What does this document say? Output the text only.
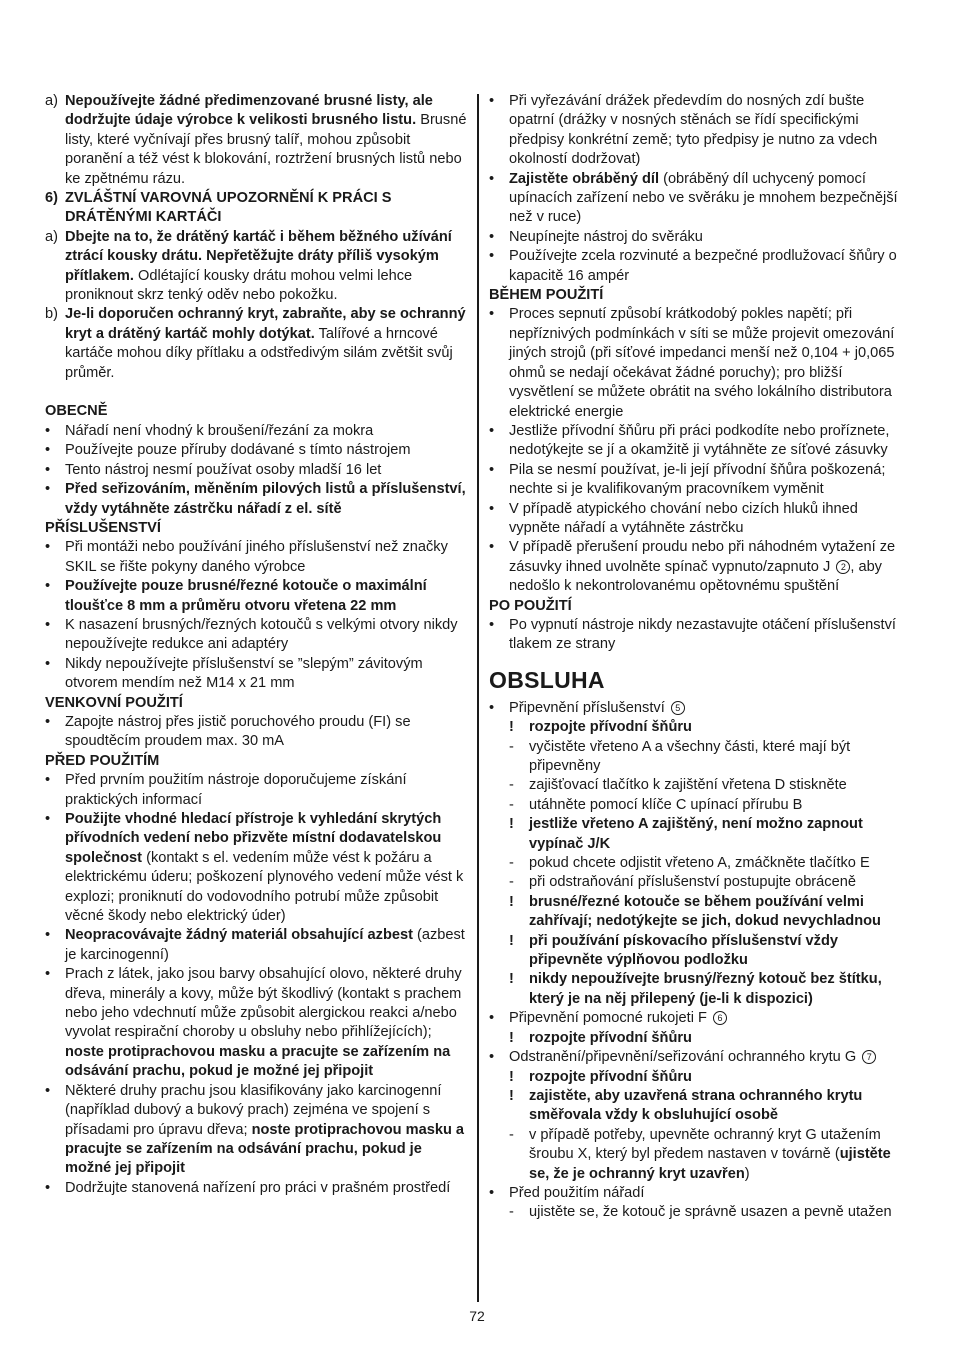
a) Nepoužívejte žádné předimenzované brusné listy, ale dodržujte údaje výrobce k velikosti brusného listu. Brusné listy, které vyčnívají přes brusný talíř, mohou způsobit poranění a též vést k blokování, roztržení brusných listů nebo ke zpětnému rázu.
6) ZVLÁŠTNÍ VAROVNÁ UPOZORNĚNÍ K PRÁCI S DRÁTĚNÝMI KARTÁČI
a) Dbejte na to, že drátěný kartáč i během běžného užívání ztrácí kousky drátu. Nepřetěžujte dráty příliš vysokým přítlakem. Odlétající kousky drátu mohou velmi lehce proniknout skrz tenký oděv nebo pokožku.
b) Je-li doporučen ochranný kryt, zabraňte, aby se ochranný kryt a drátěný kartáč mohly dotýkat. Talířové a hrncové kartáče mohou díky přítlaku a odstředivým silám zvětšit svůj průměr.
OBECNĚ
• Nářadí není vhodný k broušení/řezání za mokra
• Používejte pouze příruby dodávané s tímto nástrojem
• Tento nástroj nesmí používat osoby mladší 16 let
• Před seřizováním, měněním pilových listů a příslušenství, vždy vytáhněte zástrčku nářadí z el. sítě
PŘÍSLUŠENSTVÍ
• Při montáži nebo používání jiného příslušenství než značky SKIL se řište pokyny daného výrobce
• Používejte pouze brusné/řezné kotouče o maximální tloušťce 8 mm a průměru otvoru vřetena 22 mm
• K nasazení brusných/řezných kotoučů s velkými otvory nikdy nepoužívejte redukce ani adaptéry
• Nikdy nepoužívejte příslušenství se ”slepým” závitovým otvorem mendím než M14 x 21 mm
VENKOVNÍ POUŽITÍ
• Zapojte nástroj přes jistič poruchového proudu (FI) se spoudtěcím proudem max. 30 mA
PŘED POUŽITÍM
• Před prvním použitím nástroje doporučujeme získání praktických informací
• Použijte vhodné hledací přístroje k vyhledání skrytých přívodních vedení nebo přizvěte místní dodavatelskou společnost (kontakt s el. vedením může vést k požáru a elektrickému úderu; poškození plynového vedení může vést k explozi; proniknutí do vodovodního potrubí může způsobit věcné škody nebo elektrický úder)
• Neopracovávajte žádný materiál obsahující azbest (azbest je karcinogenní)
• Prach z látek, jako jsou barvy obsahující olovo, některé druhy dřeva, minerály a kovy, může být škodlivý (kontakt s prachem nebo jeho vdechnutí může způsobit alergickou reakci a/nebo vyvolat respirační choroby u obsluhy nebo přihlížejících); noste protiprachovou masku a pracujte se zařízením na odsávání prachu, pokud je možné jej připojit
• Některé druhy prachu jsou klasifikovány jako karcinogenní (například dubový a bukový prach) zejména ve spojení s přísadami pro úpravu dřeva; noste protiprachovou masku a pracujte se zařízením na odsávání prachu, pokud je možné jej připojit
• Dodržujte stanovená nařízení pro práci v prašném prostředí
• Při vyřezávání drážek předevdím do nosných zdí bušte opatrní (drážky v nosných stěnách se řídí specifickými předpisy konkrétní země; tyto předpisy je nutno za vdech okolností dodržovat)
• Zajistěte obráběný díl (obráběný díl uchycený pomocí upínacích zařízení nebo ve svěráku je mnohem bezpečnější než v ruce)
• Neupínejte nástroj do svěráku
• Používejte zcela rozvinuté a bezpečné prodlužovací šňůry o kapacitě 16 ampér
BĚHEM POUŽITÍ
• Proces sepnutí způsobí krátkodobý pokles napětí; při nepříznivých podmínkách v síti se může projevit omezování jiných strojů (při síťové impedanci menší než 0,104 + j0,065 ohmů se nedají očekávat žádné poruchy); pro bližší vysvětlení se můžete obrátit na svého lokálního distributora elektrické energie
• Jestliže přívodní šňůru při práci podkodíte nebo proříznete, nedotýkejte se jí a okamžitě ji vytáhněte ze síťové zásuvky
• Pila se nesmí používat, je-li její přívodní šňůra poškozená; nechte si je kvalifikovaným pracovníkem vyměnit
• V případě atypického chování nebo cizích hluků ihned vypněte nářadí a vytáhněte zástrčku
• V případě přerušení proudu nebo při náhodném vytažení ze zásuvky ihned uvolněte spínač vypnuto/zapnuto J 2 , aby nedošlo k nekontrolovanému opětovnému spuštění
PO POUŽITÍ
• Po vypnutí nástroje nikdy nezastavujte otáčení příslušenství tlakem ze strany
OBSLUHA
• Připevnění příslušenství 5
! rozpojte přívodní šňůru
- vyčistěte vřeteno A a všechny části, které mají být připevněny
- zajišťovací tlačítko k zajištění vřetena D stiskněte
- utáhněte pomocí klíče C upínací přírubu B
! jestliže vřeteno A zajištěný, není možno zapnout vypínač J/K
- pokud chcete odjistit vřeteno A, zmáčkněte tlačítko E
- při odstraňování příslušenství postupujte obráceně
! brusné/řezné kotouče se během používání velmi zahřívají; nedotýkejte se jich, dokud nevychladnou
! při používání pískovacího příslušenství vždy připevněte výplňovou podložku
! nikdy nepoužívejte brusný/řezný kotouč bez štítku, který je na něj přilepený (je-li k dispozici)
• Připevnění pomocné rukojeti F 6
! rozpojte přívodní šňůru
• Odstranění/připevnění/seřizování ochranného krytu G 7
! rozpojte přívodní šňůru
! zajistěte, aby uzavřená strana ochranného krytu směřovala vždy k obsluhující osobě
- v případě potřeby, upevněte ochranný kryt G utažením šroubu X, který byl předem nastaven v továrně (ujistěte se, že je ochranný kryt uzavřen)
• Před použitím nářadí
- ujistěte se, že kotouč je správně usazen a pevně utažen
72
